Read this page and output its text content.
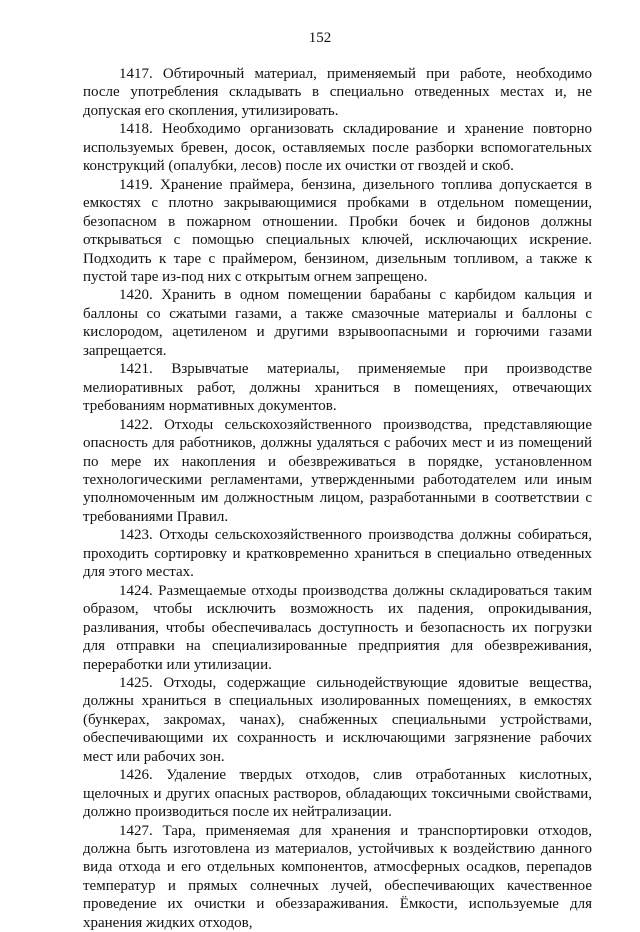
152

1417. Обтирочный материал, применяемый при работе, необходимо после употребления складывать в специально отведенных местах и, не допуская его скопления, утилизировать.

1418. Необходимо организовать складирование и хранение повторно используемых бревен, досок, оставляемых после разборки вспомогательных конструкций (опалубки, лесов) после их очистки от гвоздей и скоб.

1419. Хранение праймера, бензина, дизельного топлива допускается в емкостях с плотно закрывающимися пробками в отдельном помещении, безопасном в пожарном отношении. Пробки бочек и бидонов должны открываться с помощью специальных ключей, исключающих искрение. Подходить к таре с праймером, бензином, дизельным топливом, а также к пустой таре из-под них с открытым огнем запрещено.

1420. Хранить в одном помещении барабаны с карбидом кальция и баллоны со сжатыми газами, а также смазочные материалы и баллоны с кислородом, ацетиленом и другими взрывоопасными и горючими газами запрещается.

1421. Взрывчатые материалы, применяемые при производстве мелиоративных работ, должны храниться в помещениях, отвечающих требованиям нормативных документов.

1422. Отходы сельскохозяйственного производства, представляющие опасность для работников, должны удаляться с рабочих мест и из помещений по мере их накопления и обезвреживаться в порядке, установленном технологическими регламентами, утвержденными работодателем или иным уполномоченным им должностным лицом, разработанными в соответствии с требованиями Правил.

1423. Отходы сельскохозяйственного производства должны собираться, проходить сортировку и кратковременно храниться в специально отведенных для этого местах.

1424. Размещаемые отходы производства должны складироваться таким образом, чтобы исключить возможность их падения, опрокидывания, разливания, чтобы обеспечивалась доступность и безопасность их погрузки для отправки на специализированные предприятия для обезвреживания, переработки или утилизации.

1425. Отходы, содержащие сильнодействующие ядовитые вещества, должны храниться в специальных изолированных помещениях, в емкостях (бункерах, закромах, чанах), снабженных специальными устройствами, обеспечивающими их сохранность и исключающими загрязнение рабочих мест или рабочих зон.

1426. Удаление твердых отходов, слив отработанных кислотных, щелочных и других опасных растворов, обладающих токсичными свойствами, должно производиться после их нейтрализации.

1427. Тара, применяемая для хранения и транспортировки отходов, должна быть изготовлена из материалов, устойчивых к воздействию данного вида отхода и его отдельных компонентов, атмосферных осадков, перепадов температур и прямых солнечных лучей, обеспечивающих качественное проведение их очистки и обеззараживания. Ёмкости, используемые для хранения жидких отходов,
